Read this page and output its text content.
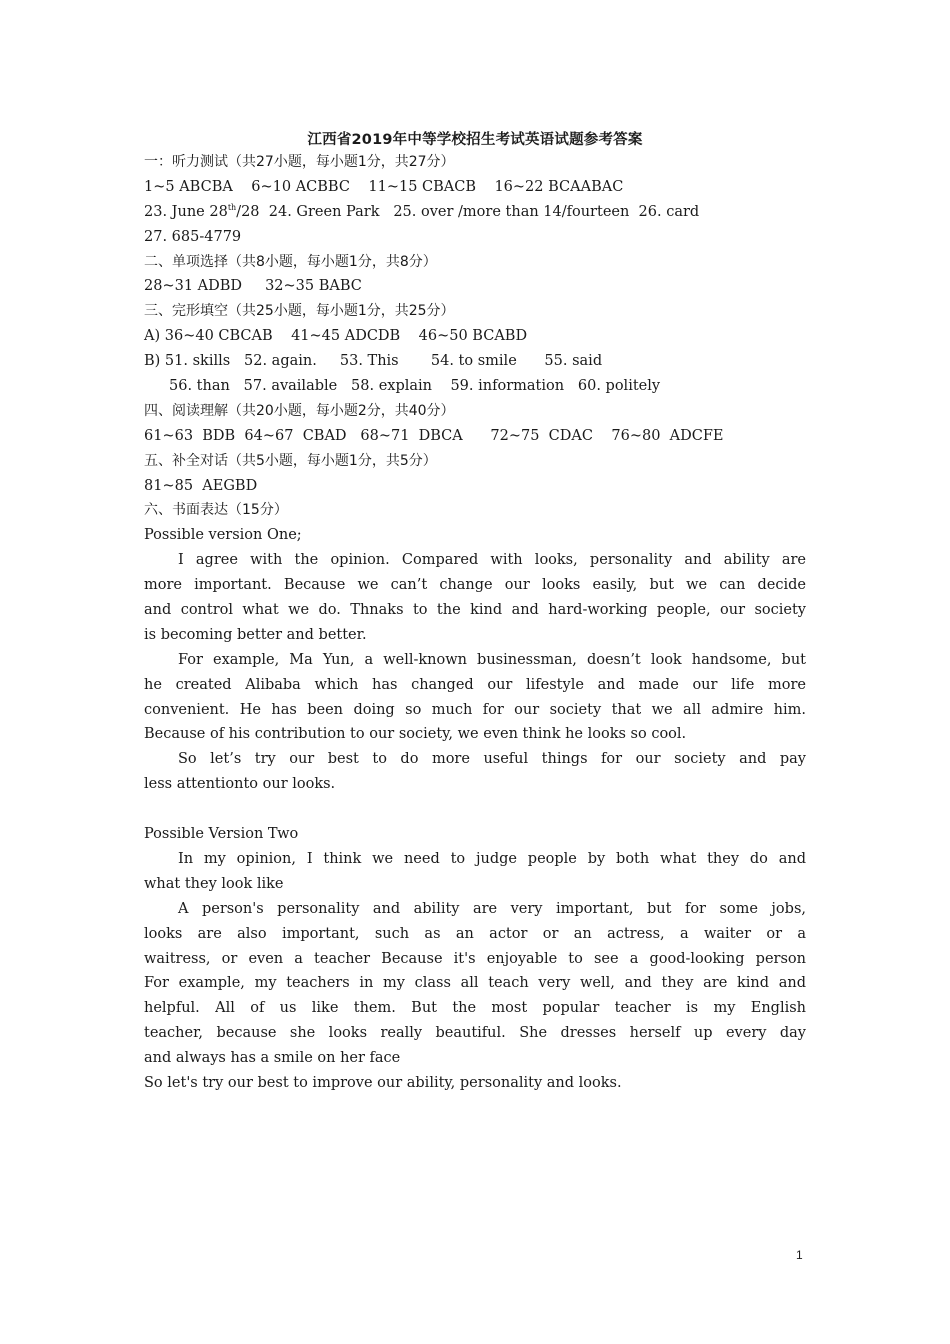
江西省2019年中等学校招生考试英语试题参考答案
一：听力测试（共27小题，每小题1分，共27分）
1~5 ABCBA    6~10 ACBBC    11~15 CBACB    16~22 BCAABAC
23. June 28th/28  24. Green Park   25. over /more than 14/fourteen  26. card
27. 685-4779
二、单项选择（共8小题，每小题1分，共8分）
28~31 ADBD     32~35 BABC
三、完形填空（共25小题，每小题1分，共25分）
A) 36~40 CBCAB    41~45 ADCDB    46~50 BCABD
B) 51. skills   52. again.     53. This       54. to smile      55. said
56. than   57. available   58. explain    59. information   60. politely
四、阅读理解（共20小题，每小题2分，共40分）
61~63  BDB  64~67  CBAD   68~71  DBCA      72~75  CDAC    76~80  ADCFE
五、补全对话（共5小题，每小题1分，共5分）
81~85  AEGBD
六、书面表达（15分）
Possible version One;
I agree with the opinion. Compared with looks, personality and ability are
more important. Because we can’t change our looks easily, but we can decide
and control what we do. Thnaks to the kind and hard-working people, our society
is becoming better and better.
For example, Ma Yun, a well-known businessman, doesn’t look handsome, but
he created Alibaba which has changed our lifestyle and made our life more
convenient. He has been doing so much for our society that we all admire him.
Because of his contribution to our society, we even think he looks so cool.
So let’s try our best to do more useful things for our society and pay
less attentionto our looks.
Possible Version Two
In my opinion, I think we need to judge people by both what they do and
what they look like
A person's personality and ability are very important, but for some jobs,
looks are also important, such as an actor or an actress, a waiter or a
waitress, or even a teacher Because it's enjoyable to see a good-looking person
For example, my teachers in my class all teach very well, and they are kind and
helpful. All of us like them. But the most popular teacher is my English
teacher, because she looks really beautiful. She dresses herself up every day
and always has a smile on her face
So let's try our best to improve our ability, personality and looks.
1
